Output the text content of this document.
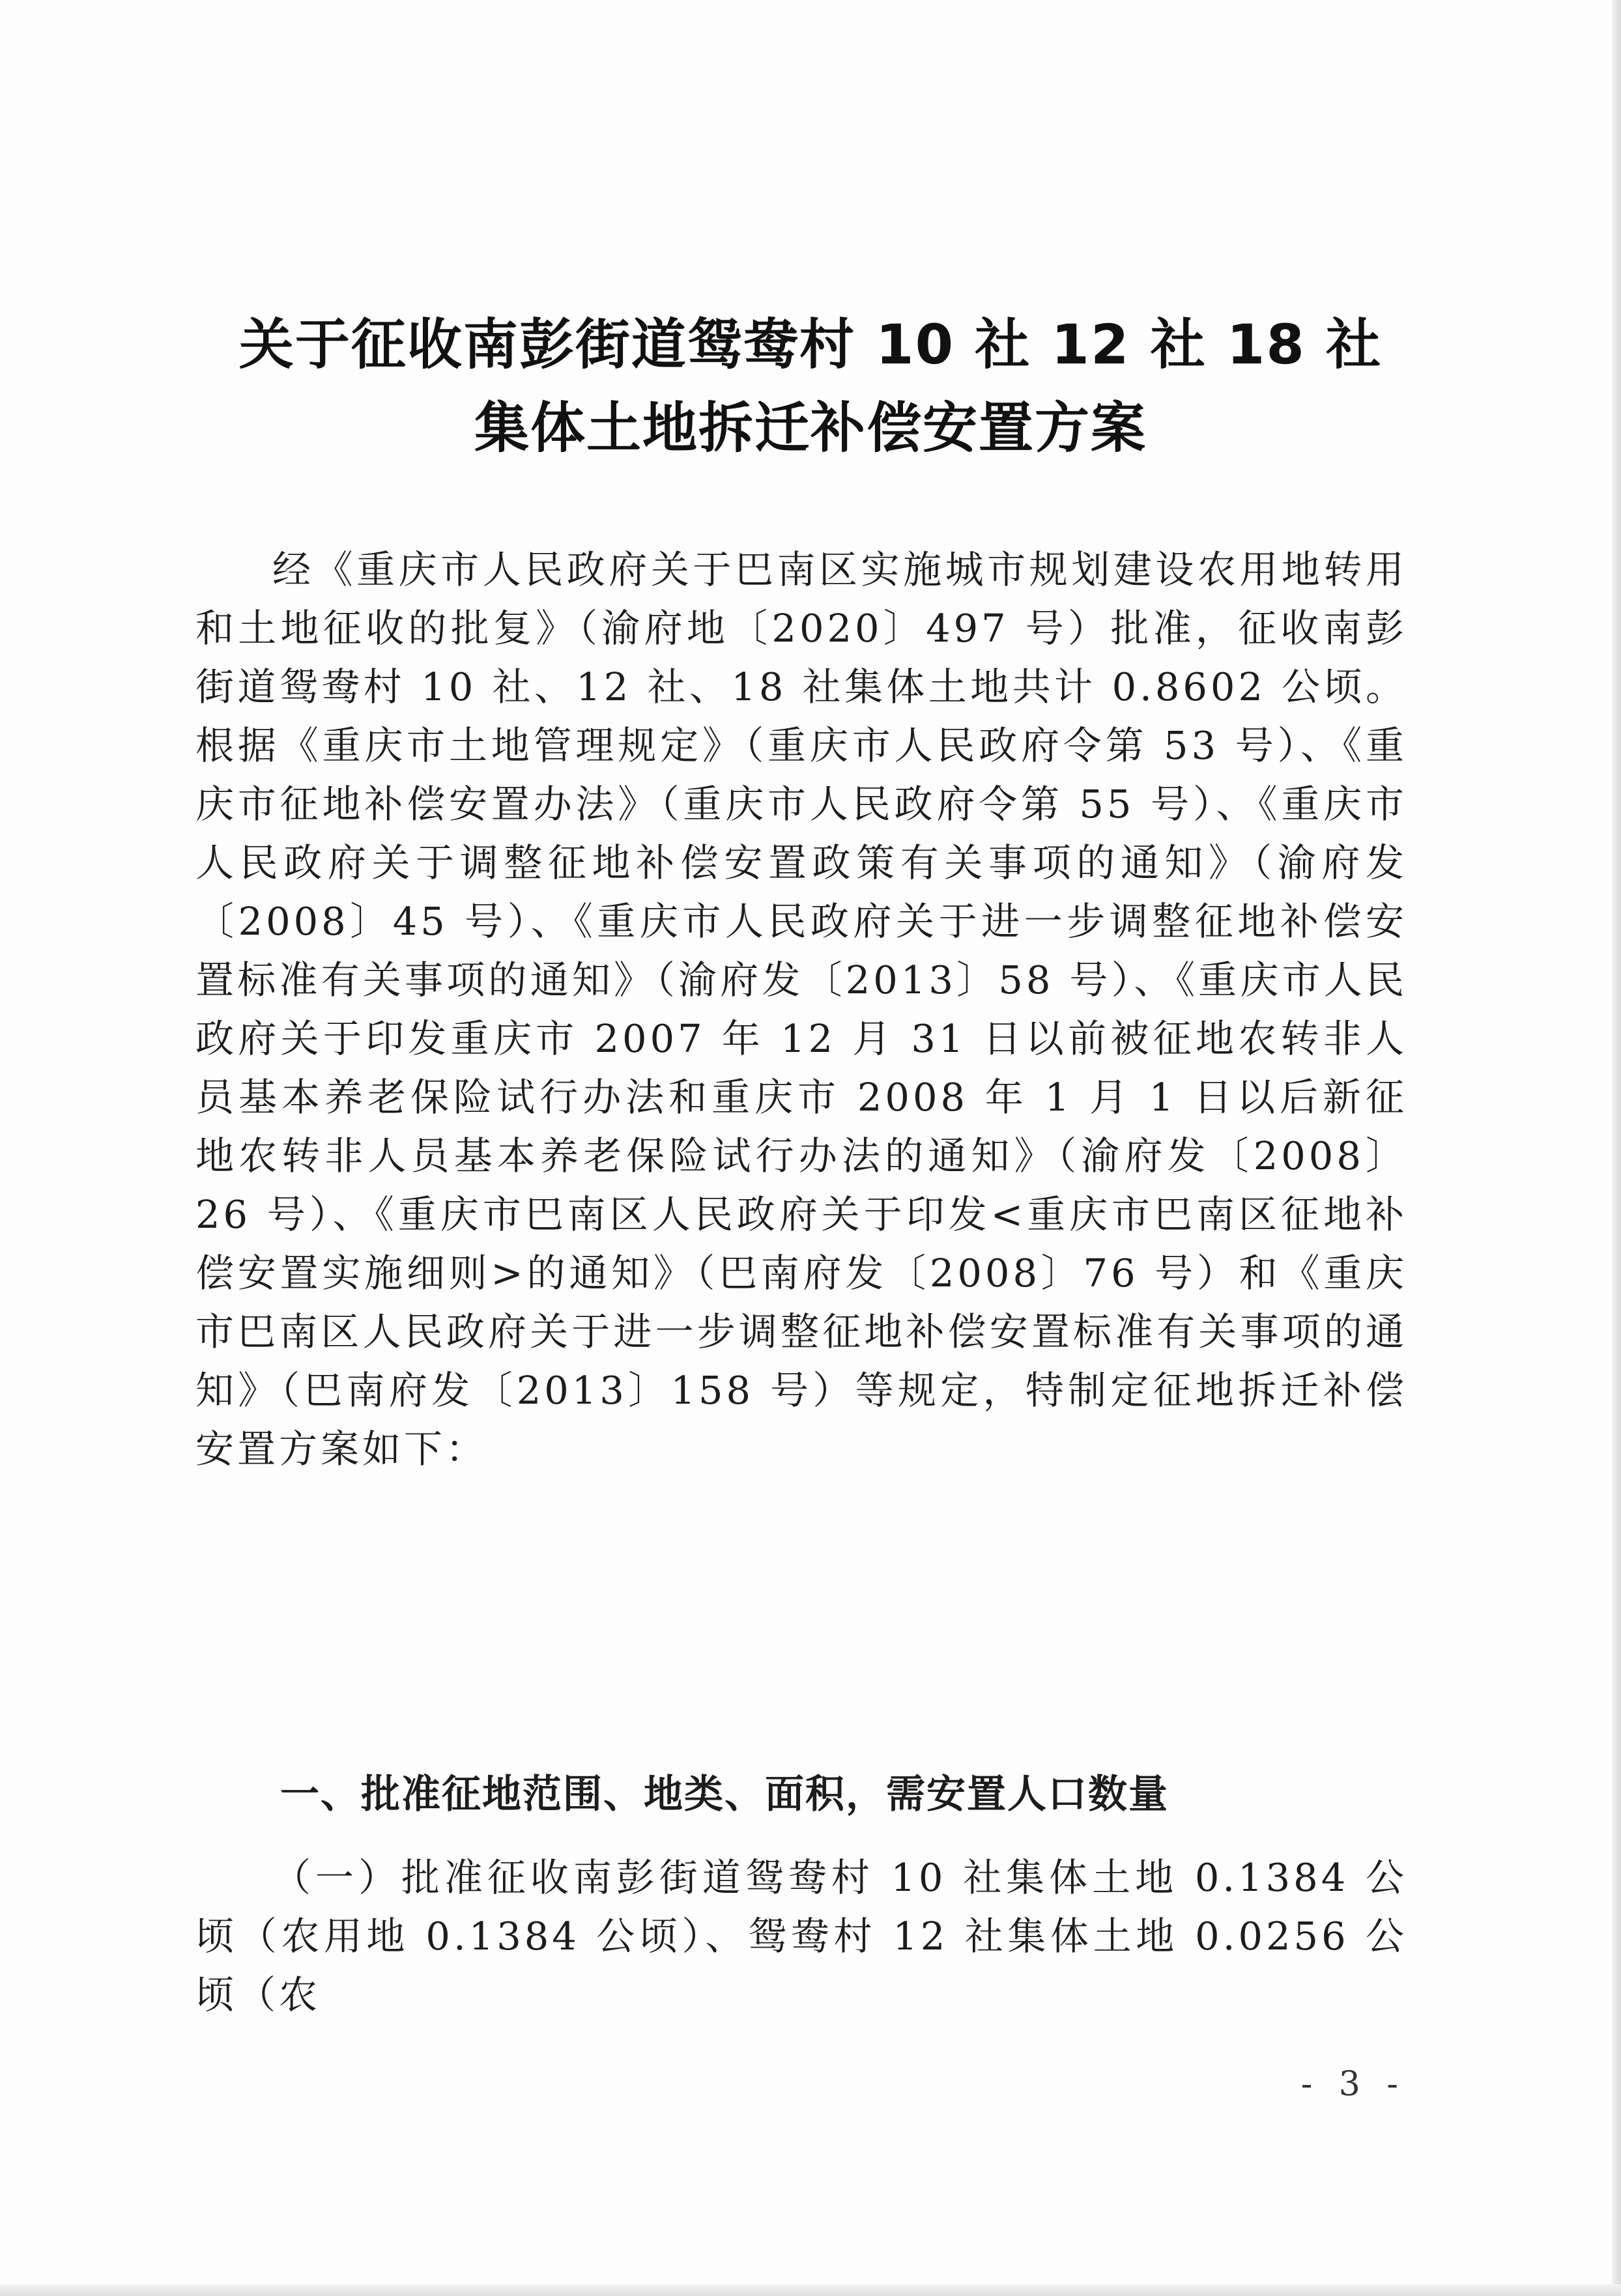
关于征收南彭街道鸳鸯村 10 社 12 社 18 社
集体土地拆迁补偿安置方案

经《重庆市人民政府关于巴南区实施城市规划建设农用地转用和土地征收的批复》（渝府地〔2020〕497 号）批准，征收南彭街道鸳鸯村 10 社、12 社、18 社集体土地共计 0.8602 公顷。根据《重庆市土地管理规定》（重庆市人民政府令第 53 号）、《重庆市征地补偿安置办法》（重庆市人民政府令第 55 号）、《重庆市人民政府关于调整征地补偿安置政策有关事项的通知》（渝府发〔2008〕45 号）、《重庆市人民政府关于进一步调整征地补偿安置标准有关事项的通知》（渝府发〔2013〕58 号）、《重庆市人民政府关于印发重庆市 2007 年 12 月 31 日以前被征地农转非人员基本养老保险试行办法和重庆市 2008 年 1 月 1 日以后新征地农转非人员基本养老保险试行办法的通知》（渝府发〔2008〕26 号）、《重庆市巴南区人民政府关于印发<重庆市巴南区征地补偿安置实施细则>的通知》（巴南府发〔2008〕76 号）和《重庆市巴南区人民政府关于进一步调整征地补偿安置标准有关事项的通知》（巴南府发〔2013〕158 号）等规定，特制定征地拆迁补偿安置方案如下：

一、批准征地范围、地类、面积，需安置人口数量

（一）批准征收南彭街道鸳鸯村 10 社集体土地 0.1384 公顷（农用地 0.1384 公顷）、鸳鸯村 12 社集体土地 0.0256 公顷（农

- 3 -
